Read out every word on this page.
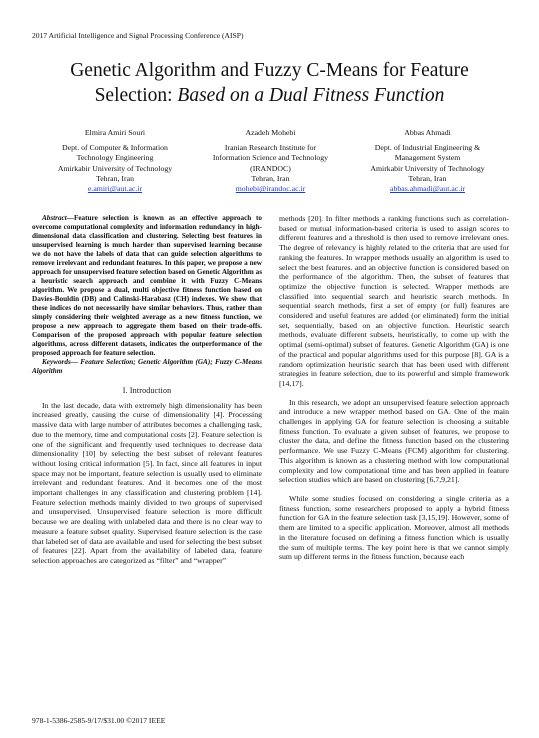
2017 Artificial Intelligence and Signal Processing Conference (AISP)
Genetic Algorithm and Fuzzy C-Means for Feature
Selection: Based on a Dual Fitness Function
Elmira Amiri Souri
Dept. of Computer & Information
Technology Engineering
Amirkabir University of Technology
Tehran, Iran
e.amiri@aut.ac.ir
Azadeh Mohebi
Iranian Research Institute for
Information Science and Technology
(IRANDOC)
Tehran, Iran
mohebi@irandoc.ac.ir
Abbas Ahmadi
Dept. of Industrial Engineering &
Management System
Amirkabir University of Technology
Tehran, Iran
abbas.ahmadi@aut.ac.ir

Abstract—Feature selection is known as an effective approach to overcome computational complexity and information redundancy in high-dimensional data classification and clustering. Selecting best features in unsupervised learning is much harder than supervised learning because we do not have the labels of data that can guide selection algorithms to remove irrelevant and redundant features. In this paper, we propose a new approach for unsupervised feature selection based on Genetic Algorithm as a heuristic search approach and combine it with Fuzzy C-Means algorithm. We propose a dual, multi objective fitness function based on Davies-Bouldin (DB) and Calinski-Harabasz (CH) indexes. We show that these indices do not necessarily have similar behaviors. Thus, rather than simply considering their weighted average as a new fitness function, we propose a new approach to aggregate them based on their trade-offs. Comparison of the proposed approach with popular feature selection algorithms, across different datasets, indicates the outperformance of the proposed approach for feature selection.

Keywords— Feature Selection; Genetic Algorithm (GA); Fuzzy C-Means Algorithm

I. Introduction

In the last decade, data with extremely high dimensionality has been increased greatly, causing the curse of dimensionality [4]. Processing massive data with large number of attributes becomes a challenging task, due to the memory, time and computational costs [2]. Feature selection is one of the significant and frequently used techniques to decrease data dimensionality [10] by selecting the best subset of relevant features without losing critical information [5]. In fact, since all features in input space may not be important, feature selection is usually used to eliminate irrelevant and redundant features. And it becomes one of the most important challenges in any classification and clustering problem [14]. Feature selection methods mainly divided to two groups of supervised and unsupervised. Unsupervised feature selection is more difficult because we are dealing with unlabeled data and there is no clear way to measure a feature subset quality. Supervised feature selection is the case that labeled set of data are available and used for selecting the best subset of features [22]. Apart from the availability of labeled data, feature selection approaches are categorized as “filter” and “wrapper”

methods [20]. In filter methods a ranking functions such as correlation-based or mutual information-based criteria is used to assign scores to different features and a threshold is then used to remove irrelevant ones. The degree of relevancy is highly related to the criteria that are used for ranking the features. In wrapper methods usually an algorithm is used to select the best features. and an objective function is considered based on the performance of the algorithm. Then, the subset of features that optimize the objective function is selected. Wrapper methods are classified into sequential search and heuristic search methods. In sequential search methods, first a set of empty (or full) features are considered and useful features are added (or eliminated) form the initial set, sequentially, based on an objective function. Heuristic search methods, evaluate different subsets, heuristically, to come up with the optimal (semi-optimal) subset of features. Genetic Algorithm (GA) is one of the practical and popular algorithms used for this purpose [8]. GA is a random optimization heuristic search that has been used with different strategies in feature selection, due to its powerful and simple framework [14,17].

In this research, we adopt an unsupervised feature selection approach and introduce a new wrapper method based on GA. One of the main challenges in applying GA for feature selection is choosing a suitable fitness function. To evaluate a given subset of features, we propose to cluster the data, and define the fitness function based on the clustering performance. We use Fuzzy C-Means (FCM) algorithm for clustering. This algorithm is known as a clustering method with low computational complexity and low computational time and has been applied in feature selection studies which are based on clustering [6,7,9,21].

While some studies focused on considering a single criteria as a fitness function, some researchers proposed to apply a hybrid fitness function for GA in the feature selection task [3,15,19]. However, some of them are limited to a specific application. Moreover, almost all methods in the literature focused on defining a fitness function which is usually the sum of multiple terms. The key point here is that we cannot simply sum up different terms in the fitness function, because each

978-1-5386-2585-9/17/$31.00 ©2017 IEEE
